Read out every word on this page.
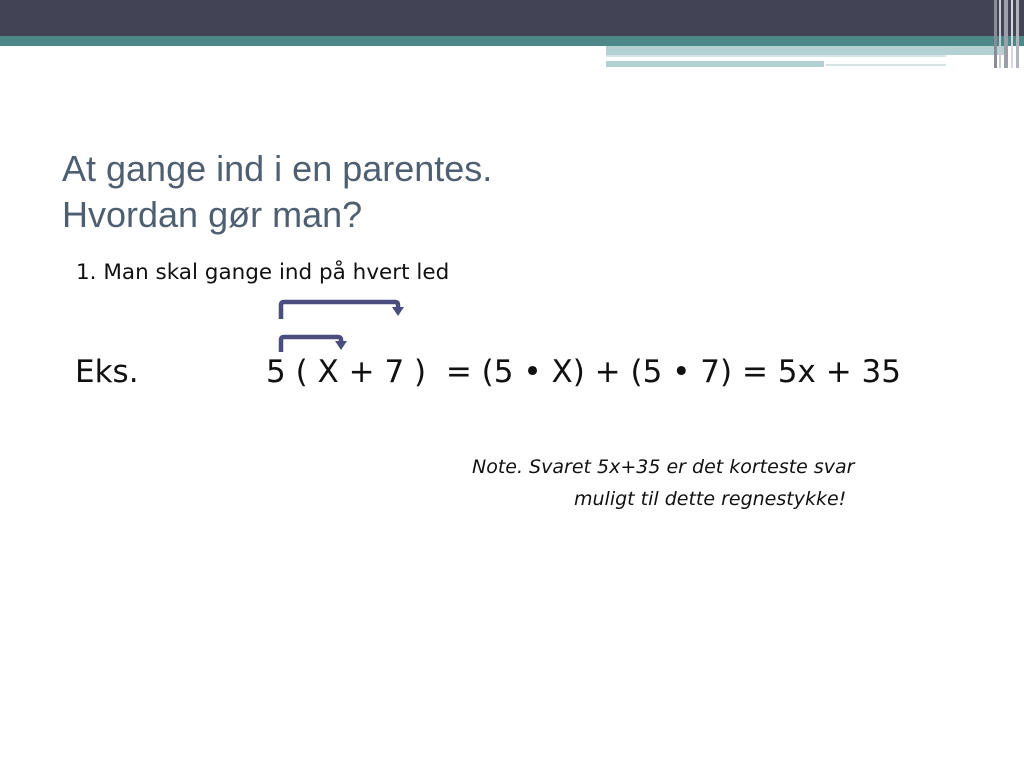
At gange ind i en parentes.
Hvordan gør man?
1. Man skal gange ind på hvert led
Eks.	5 ( X + 7 )  = (5 • X) + (5 • 7) = 5x + 35
Note. Svaret 5x+35 er det korteste svar
muligt til dette regnestykke!
